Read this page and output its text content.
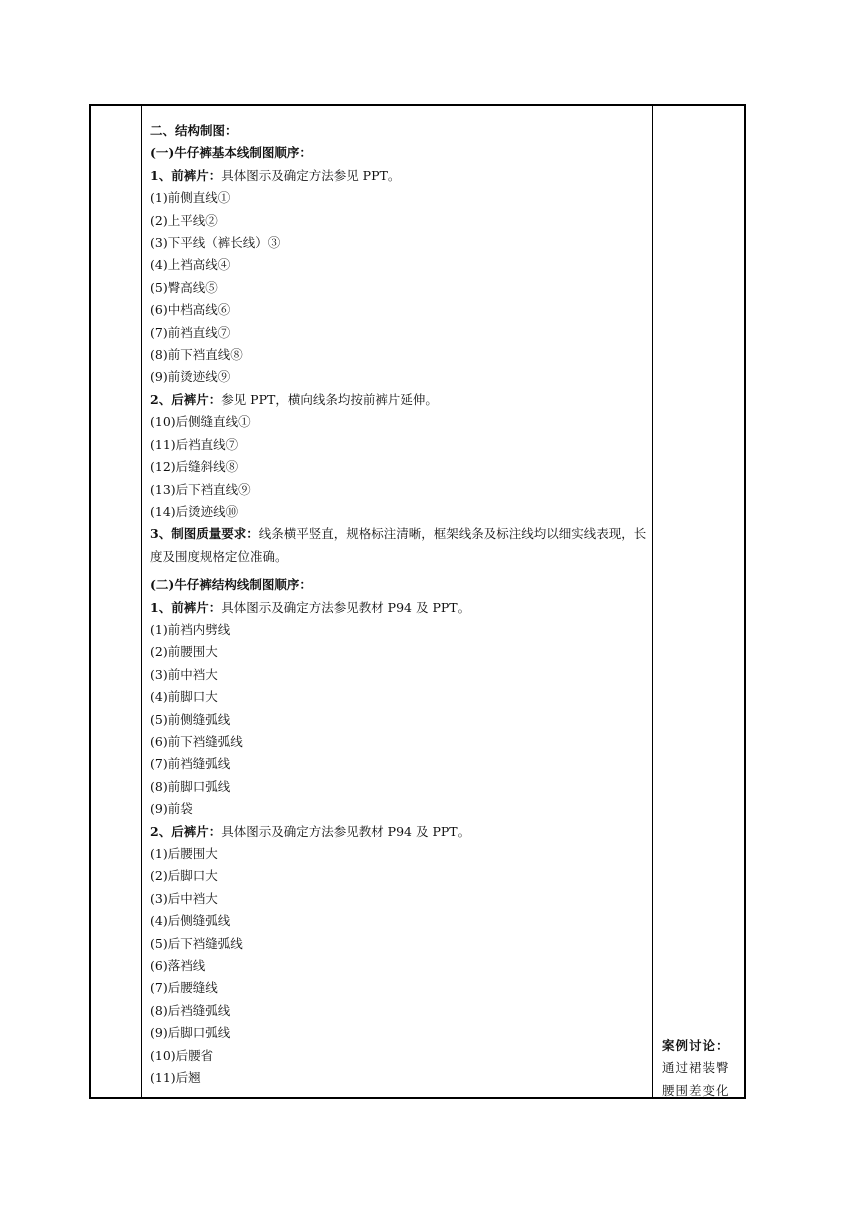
二、结构制图：

(一)牛仔裤基本线制图顺序：

1、前裤片：具体图示及确定方法参见 PPT。

(1)前侧直线①

(2)上平线②

(3)下平线（裤长线）③

(4)上裆高线④

(5)臀高线⑤

(6)中档高线⑥

(7)前裆直线⑦

(8)前下裆直线⑧

(9)前烫迹线⑨

2、后裤片：参见 PPT，横向线条均按前裤片延伸。

(10)后侧缝直线①

(11)后裆直线⑦

(12)后缝斜线⑧

(13)后下裆直线⑨

(14)后烫迹线⑩

3、制图质量要求：线条横平竖直，规格标注清晰，框架线条及标注线均以细实线表现，长度及围度规格定位准确。

(二)牛仔裤结构线制图顺序：

1、前裤片：具体图示及确定方法参见教材 P94 及 PPT。

(1)前裆内劈线

(2)前腰围大

(3)前中裆大

(4)前脚口大

(5)前侧缝弧线

(6)前下裆缝弧线

(7)前裆缝弧线

(8)前脚口弧线

(9)前袋

2、后裤片：具体图示及确定方法参见教材 P94 及 PPT。

(1)后腰围大

(2)后脚口大

(3)后中裆大

(4)后侧缝弧线

(5)后下裆缝弧线

(6)落裆线

(7)后腰缝线

(8)后裆缝弧线

(9)后脚口弧线

(10)后腰省

(11)后翘

案例讨论：

通过裙装臀

腰围差变化
